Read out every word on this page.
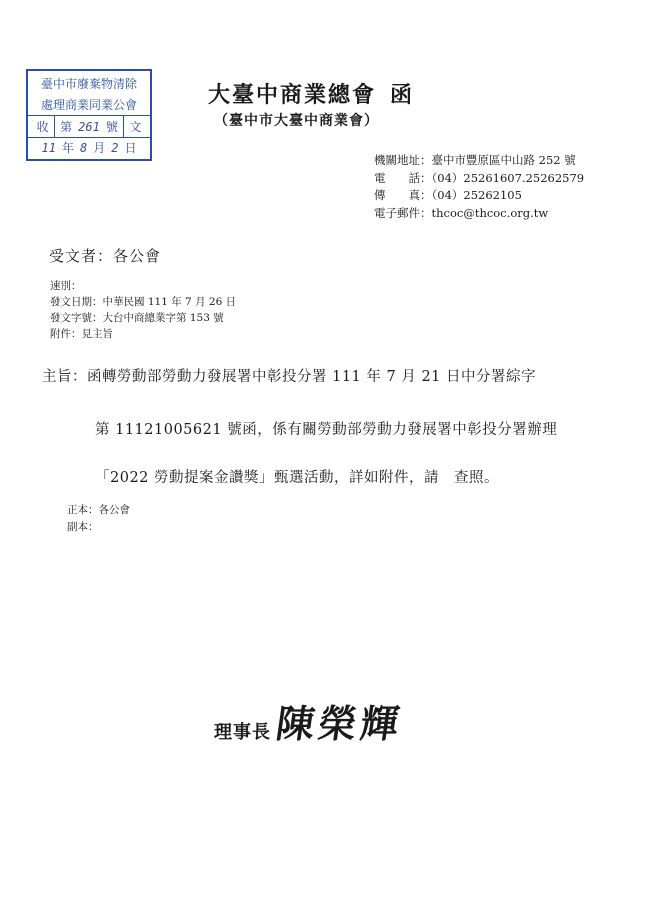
臺中市廢棄物清除
處理商業同業公會
收 第 261 號 文
11 年 8 月 2 日
大臺中商業總會 函
（臺中市大臺中商業會）
機關地址：臺中市豐原區中山路 252 號
電　　話：（04）25261607.25262579
傳　　真：（04）25262105
電子郵件：thcoc@thcoc.org.tw
受文者：各公會
速別：
發文日期：中華民國 111 年 7 月 26 日
發文字號：大台中商總業字第 153 號
附件：見主旨
主旨：函轉勞動部勞動力發展署中彰投分署 111 年 7 月 21 日中分署綜字
第 11121005621 號函，係有關勞動部勞動力發展署中彰投分署辦理
「2022 勞動提案金讚獎」甄選活動，詳如附件，請　查照。
正本：各公會
副本：
理事長 陳榮輝
